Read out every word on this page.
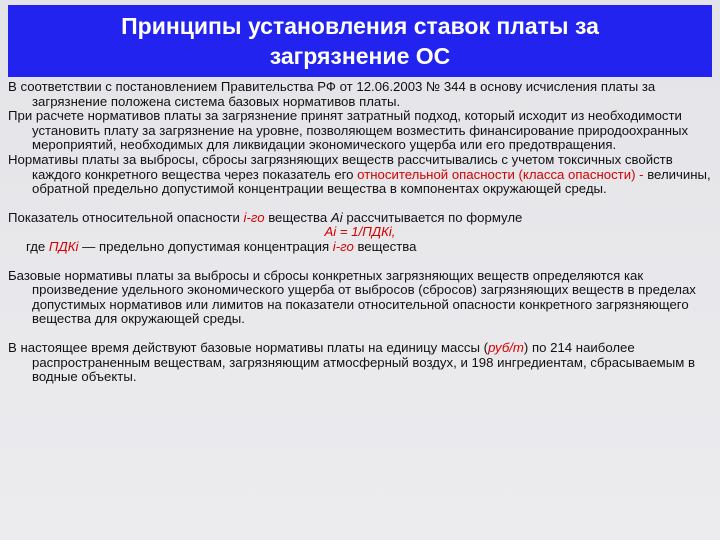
Принципы установления ставок платы за
загрязнение ОС

В соответствии с постановлением Правительства РФ от 12.06.2003 № 344 в основу исчисления платы за загрязнение положена система базовых нормативов платы.

При расчете нормативов платы за загрязнение принят затратный подход, который исходит из необходимости установить плату за загрязнение на уровне, позволяющем возместить финансирование природоохранных мероприятий, необходимых для ликвидации экономического ущерба или его предотвращения.

Нормативы платы за выбросы, сбросы загрязняющих веществ рассчитывались с учетом токсичных свойств каждого конкретного вещества через показатель его относительной опасности (класса опасности) - величины, обратной предельно допустимой концентрации вещества в компонентах окружающей среды.

Показатель относительной опасности i-го вещества Ai рассчитывается по формуле

Ai = 1/ПДКi,

где ПДКi — предельно допустимая концентрация i-го вещества

Базовые нормативы платы за выбросы и сбросы конкретных загрязняющих веществ определяются как произведение удельного экономического ущерба от выбросов (сбросов) загрязняющих веществ в пределах допустимых нормативов или лимитов на показатели относительной опасности конкретного загрязняющего вещества для окружающей среды.

В настоящее время действуют базовые нормативы платы на единицу массы (руб/т) по 214 наиболее распространенным веществам, загрязняющим атмосферный воздух, и 198 ингредиентам, сбрасываемым в водные объекты.
